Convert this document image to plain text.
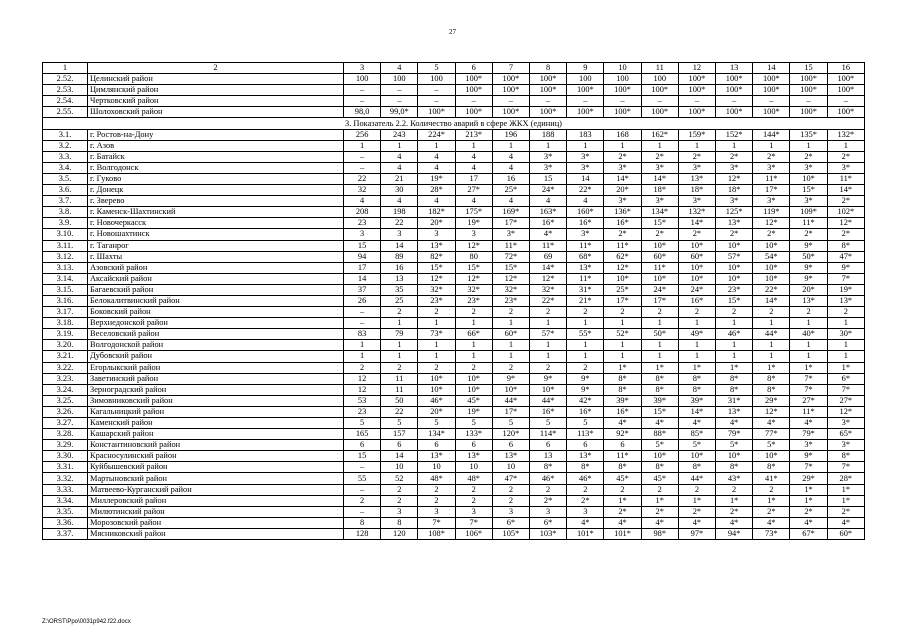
27
1	2	3	4	5	6	7	8	9	10	11	12	13	14	15	16
2.52.	Целинский район	100	100	100	100*	100*	100*	100	100	100	100*	100*	100*	100*	100*
2.53.	Цимлянский район	–	–	–	100*	100*	100*	100*	100*	100*	100*	100*	100*	100*	100*
2.54.	Чертковский район	–	–	–	–	–	–	–	–	–	–	–	–	–	–
2.55.	Шолоховский район	98,0	99,0*	100*	100*	100*	100*	100*	100*	100*	100*	100*	100*	100*	100*
3. Показатель 2.2. Количество аварий в сфере ЖКХ (единиц)															
3.1.	г. Ростов-на-Дону	256	243	224*	213*	196	188	183	168	162*	159*	152*	144*	135*	132*
3.2.	г. Азов	1	1	1	1	1	1	1	1	1	1	1	1	1	1
3.3.	г. Батайск	–	4	4	4	4	3*	3*	2*	2*	2*	2*	2*	2*	2*
3.4.	г. Волгодонск	–	4	4	4	4	3*	3*	3*	3*	3*	3*	3*	3*	3*
3.5.	г. Гуково	22	21	19*	17	16	15	14	14*	14*	13*	12*	11*	10*	11*
3.6.	г. Донецк	32	30	28*	27*	25*	24*	22*	20*	18*	18*	18*	17*	15*	14*
3.7.	г. Зверево	4	4	4	4	4	4	4	3*	3*	3*	3*	3*	3*	2*
3.8.	г. Каменск-Шахтинский	208	198	182*	175*	169*	163*	160*	136*	134*	132*	125*	119*	109*	102*
3.9.	г. Новочеркасск	23	22	20*	19*	17*	16*	16*	16*	15*	14*	13*	12*	11*	12*
3.10.	г. Новошахтинск	3	3	3	3	3*	4*	3*	2*	2*	2*	2*	2*	2*	2*
3.11.	г. Таганрог	15	14	13*	12*	11*	11*	11*	11*	10*	10*	10*	10*	9*	8*
3.12.	г. Шахты	94	89	82*	80	72*	69	68*	62*	60*	60*	57*	54*	50*	47*
3.13.	Азовский район	17	16	15*	15*	15*	14*	13*	12*	11*	10*	10*	10*	9*	9*
3.14.	Аксайский район	14	13	12*	12*	12*	12*	11*	10*	10*	10*	10*	10*	9*	7*
3.15.	Багаевский район	37	35	32*	32*	32*	32*	31*	25*	24*	24*	23*	22*	20*	19*
3.16.	Белокалитвинский район	26	25	23*	23*	23*	22*	21*	17*	17*	16*	15*	14*	13*	13*
3.17.	Боковский район	–	2	2	2	2	2	2	2	2	2	2	2	2	2
3.18.	Верхнедонской район	–	1	1	1	1	1	1	1	1	1	1	1	1	1
3.19.	Веселовский район	83	79	73*	66*	60*	57*	55*	52*	50*	49*	46*	44*	40*	30*
3.20.	Волгодонской район	1	1	1	1	1	1	1	1	1	1	1	1	1	1
3.21.	Дубовский район	1	1	1	1	1	1	1	1	1	1	1	1	1	1
3.22.	Егорлыкский район	2	2	2	2	2	2	2	1*	1*	1*	1*	1*	1*	1*
3.23.	Заветинский район	12	11	10*	10*	9*	9*	9*	8*	8*	8*	8*	8*	7*	6*
3.24.	Зерноградский район	12	11	10*	10*	10*	10*	9*	8*	8*	8*	8*	8*	7*	7*
3.25.	Зимовниковский район	53	50	46*	45*	44*	44*	42*	39*	39*	39*	31*	29*	27*	27*
3.26.	Кагальницкий район	23	22	20*	19*	17*	16*	16*	16*	15*	14*	13*	12*	11*	12*
3.27.	Каменский район	5	5	5	5	5	5	5	4*	4*	4*	4*	4*	4*	3*
3.28.	Кашарский район	165	157	134*	133*	120*	114*	113*	92*	88*	85*	79*	77*	79*	65*
3.29.	Константиновский район	6	6	6	6	6	6	6	6	5*	5*	5*	5*	3*	3*
3.30.	Красносулинский район	15	14	13*	13*	13*	13	13*	11*	10*	10*	10*	10*	9*	8*
3.31.	Куйбышевский район	–	10	10	10	10	8*	8*	8*	8*	8*	8*	8*	7*	7*
3.32.	Мартыновский район	55	52	48*	48*	47*	46*	46*	45*	45*	44*	43*	41*	29*	28*
3.33.	Матвеево-Курганский район	–	2	2	2	2	2	2	2	2	2	2	2	1*	1*
3.34.	Миллеровский район	2	2	2	2	2	2*	2*	1*	1*	1*	1*	1*	1*	1*
3.35.	Милютинский район	–	3	3	3	3	3	3	2*	2*	2*	2*	2*	2*	2*
3.36.	Морозовский район	8	8	7*	7*	6*	6*	4*	4*	4*	4*	4*	4*	4*	4*
3.37.	Мясниковский район	128	120	108*	106*	105*	103*	101*	101*	98*	97*	94*	73*	67*	60*
Z:\ORST\Ppo\0031p942.f22.docx
